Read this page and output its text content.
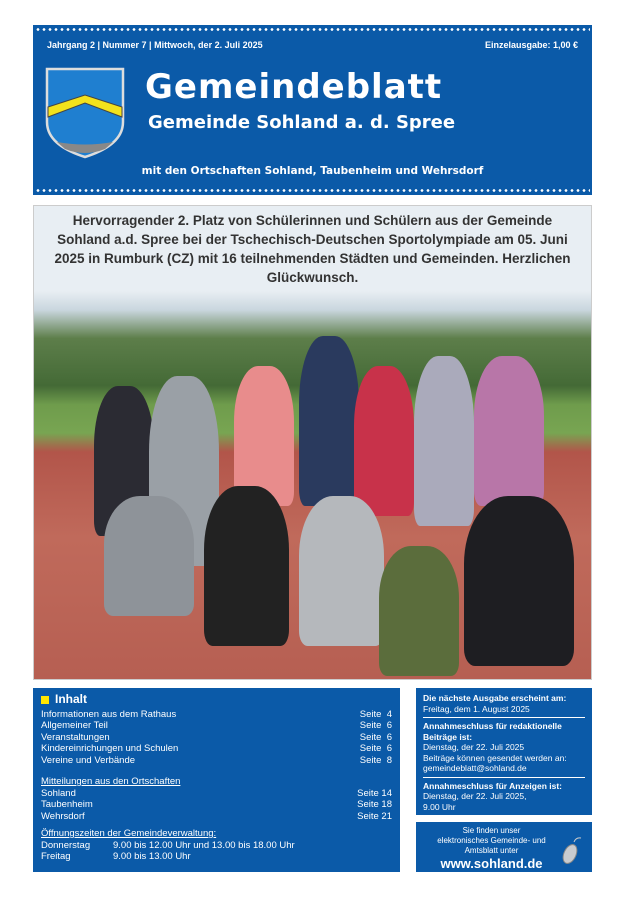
Jahrgang 2 | Nummer 7 | Mittwoch, der 2. Juli 2025	Einzelausgabe: 1,00 €
Gemeindeblatt
Gemeinde Sohland a. d. Spree
mit den Ortschaften Sohland, Taubenheim und Wehrsdorf
Hervorragender 2. Platz von Schülerinnen und Schülern aus der Gemeinde Sohland a.d. Spree bei der Tschechisch-Deutschen Sportolympiade am 05. Juni 2025 in Rumburk (CZ) mit 16 teilnehmenden Städten und Gemeinden. Herzlichen Glückwunsch.
Inhalt
Informationen aus dem Rathaus	Seite  4
Allgemeiner Teil	Seite  6
Veranstaltungen	Seite  6
Kindereinrichungen und Schulen	Seite  6
Vereine und Verbände	Seite  8
Mitteilungen aus den Ortschaften
Sohland	Seite 14
Taubenheim	Seite 18
Wehrsdorf	Seite 21
Öffnungszeiten der Gemeindeverwaltung:
Donnerstag	9.00 bis 12.00 Uhr und 13.00 bis 18.00 Uhr
Freitag	9.00 bis 13.00 Uhr
Die nächste Ausgabe erscheint am:
Freitag, dem 1. August 2025
Annahmeschluss für redaktionelle Beiträge ist:
Dienstag, der 22. Juli 2025
Beiträge können gesendet werden an:
gemeindeblatt@sohland.de
Annahmeschluss für Anzeigen ist:
Dienstag, der 22. Juli 2025,
9.00 Uhr
Sie finden unser
elektronisches Gemeinde- und
Amtsblatt unter
www.sohland.de
